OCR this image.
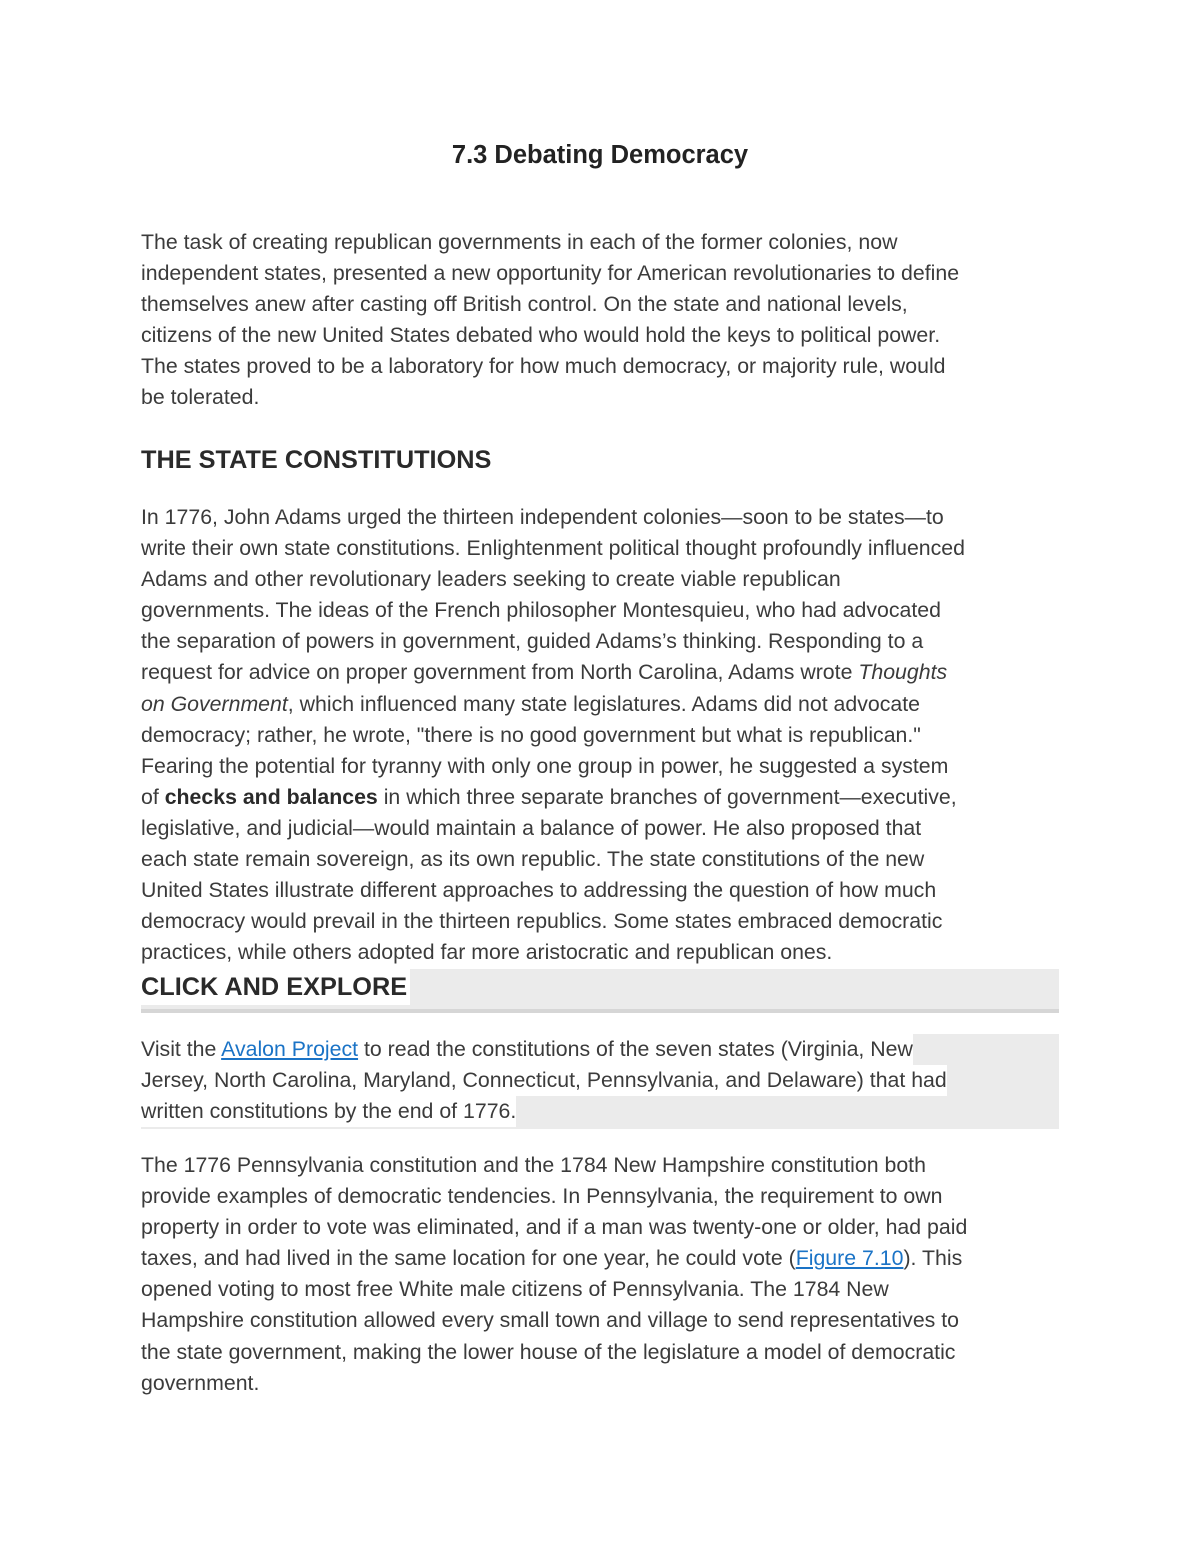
7.3 Debating Democracy

The task of creating republican governments in each of the former colonies, now
independent states, presented a new opportunity for American revolutionaries to define
themselves anew after casting off British control. On the state and national levels,
citizens of the new United States debated who would hold the keys to political power.
The states proved to be a laboratory for how much democracy, or majority rule, would
be tolerated.

THE STATE CONSTITUTIONS

In 1776, John Adams urged the thirteen independent colonies—soon to be states—to
write their own state constitutions. Enlightenment political thought profoundly influenced
Adams and other revolutionary leaders seeking to create viable republican
governments. The ideas of the French philosopher Montesquieu, who had advocated
the separation of powers in government, guided Adams’s thinking. Responding to a
request for advice on proper government from North Carolina, Adams wrote Thoughts
on Government, which influenced many state legislatures. Adams did not advocate
democracy; rather, he wrote, "there is no good government but what is republican."
Fearing the potential for tyranny with only one group in power, he suggested a system
of checks and balances in which three separate branches of government—executive,
legislative, and judicial—would maintain a balance of power. He also proposed that
each state remain sovereign, as its own republic. The state constitutions of the new
United States illustrate different approaches to addressing the question of how much
democracy would prevail in the thirteen republics. Some states embraced democratic
practices, while others adopted far more aristocratic and republican ones.

CLICK AND EXPLORE
Visit the Avalon Project to read the constitutions of the seven states (Virginia, New
Jersey, North Carolina, Maryland, Connecticut, Pennsylvania, and Delaware) that had
written constitutions by the end of 1776.

The 1776 Pennsylvania constitution and the 1784 New Hampshire constitution both
provide examples of democratic tendencies. In Pennsylvania, the requirement to own
property in order to vote was eliminated, and if a man was twenty-one or older, had paid
taxes, and had lived in the same location for one year, he could vote (Figure 7.10). This
opened voting to most free White male citizens of Pennsylvania. The 1784 New
Hampshire constitution allowed every small town and village to send representatives to
the state government, making the lower house of the legislature a model of democratic
government.
